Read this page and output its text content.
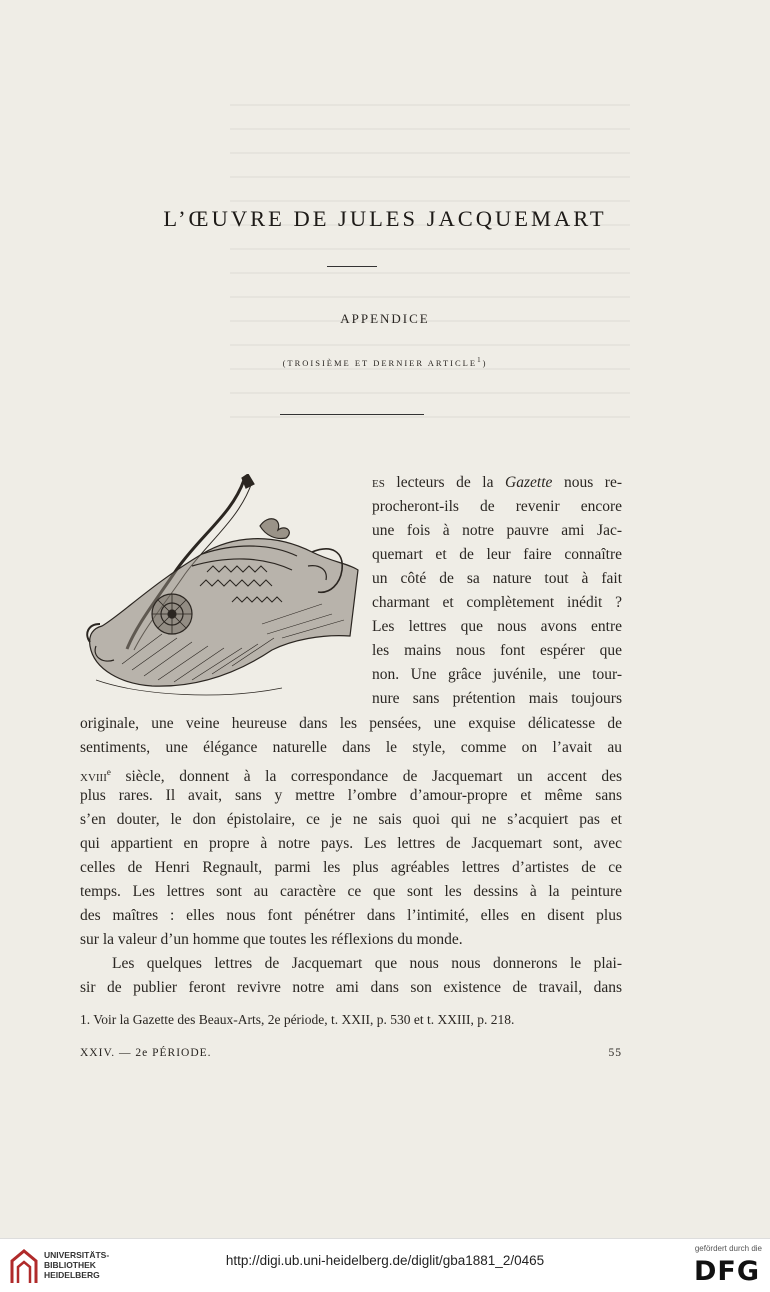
L’ŒUVRE DE JULES JACQUEMART
APPENDICE
(TROISIÈME ET DERNIER ARTICLE$^1$)
es lecteurs de la Gazette nous re-
procheront-ils de revenir encore
une fois à notre pauvre ami Jac-
quemart et de leur faire connaître
un côté de sa nature tout à fait
charmant et complètement inédit ?
Les lettres que nous avons entre
les mains nous font espérer que
non. Une grâce juvénile, une tour-
nure sans prétention mais toujours
originale, une veine heureuse dans les pensées, une exquise délicatesse de
sentiments, une élégance naturelle dans le style, comme on l’avait au
xviii$^e$ siècle, donnent à la correspondance de Jacquemart un accent des
plus rares. Il avait, sans y mettre l’ombre d’amour-propre et même sans
s’en douter, le don épistolaire, ce je ne sais quoi qui ne s’acquiert pas et
qui appartient en propre à notre pays. Les lettres de Jacquemart sont, avec
celles de Henri Regnault, parmi les plus agréables lettres d’artistes de ce
temps. Les lettres sont au caractère ce que sont les dessins à la peinture
des maîtres : elles nous font pénétrer dans l’intimité, elles en disent plus
sur la valeur d’un homme que toutes les réflexions du monde.
Les quelques lettres de Jacquemart que nous nous donnerons le plai-
sir de publier feront revivre notre ami dans son existence de travail, dans
1. Voir la Gazette des Beaux-Arts, 2e période, t. XXII, p. 530 et t. XXIII, p. 218.
XXIV. — 2e PÉRIODE.	55
UNIVERSITÄTS- BIBLIOTHEK HEIDELBERG
http://digi.ub.uni-heidelberg.de/diglit/gba1881_2/0465
gefördert durch die
DFG
